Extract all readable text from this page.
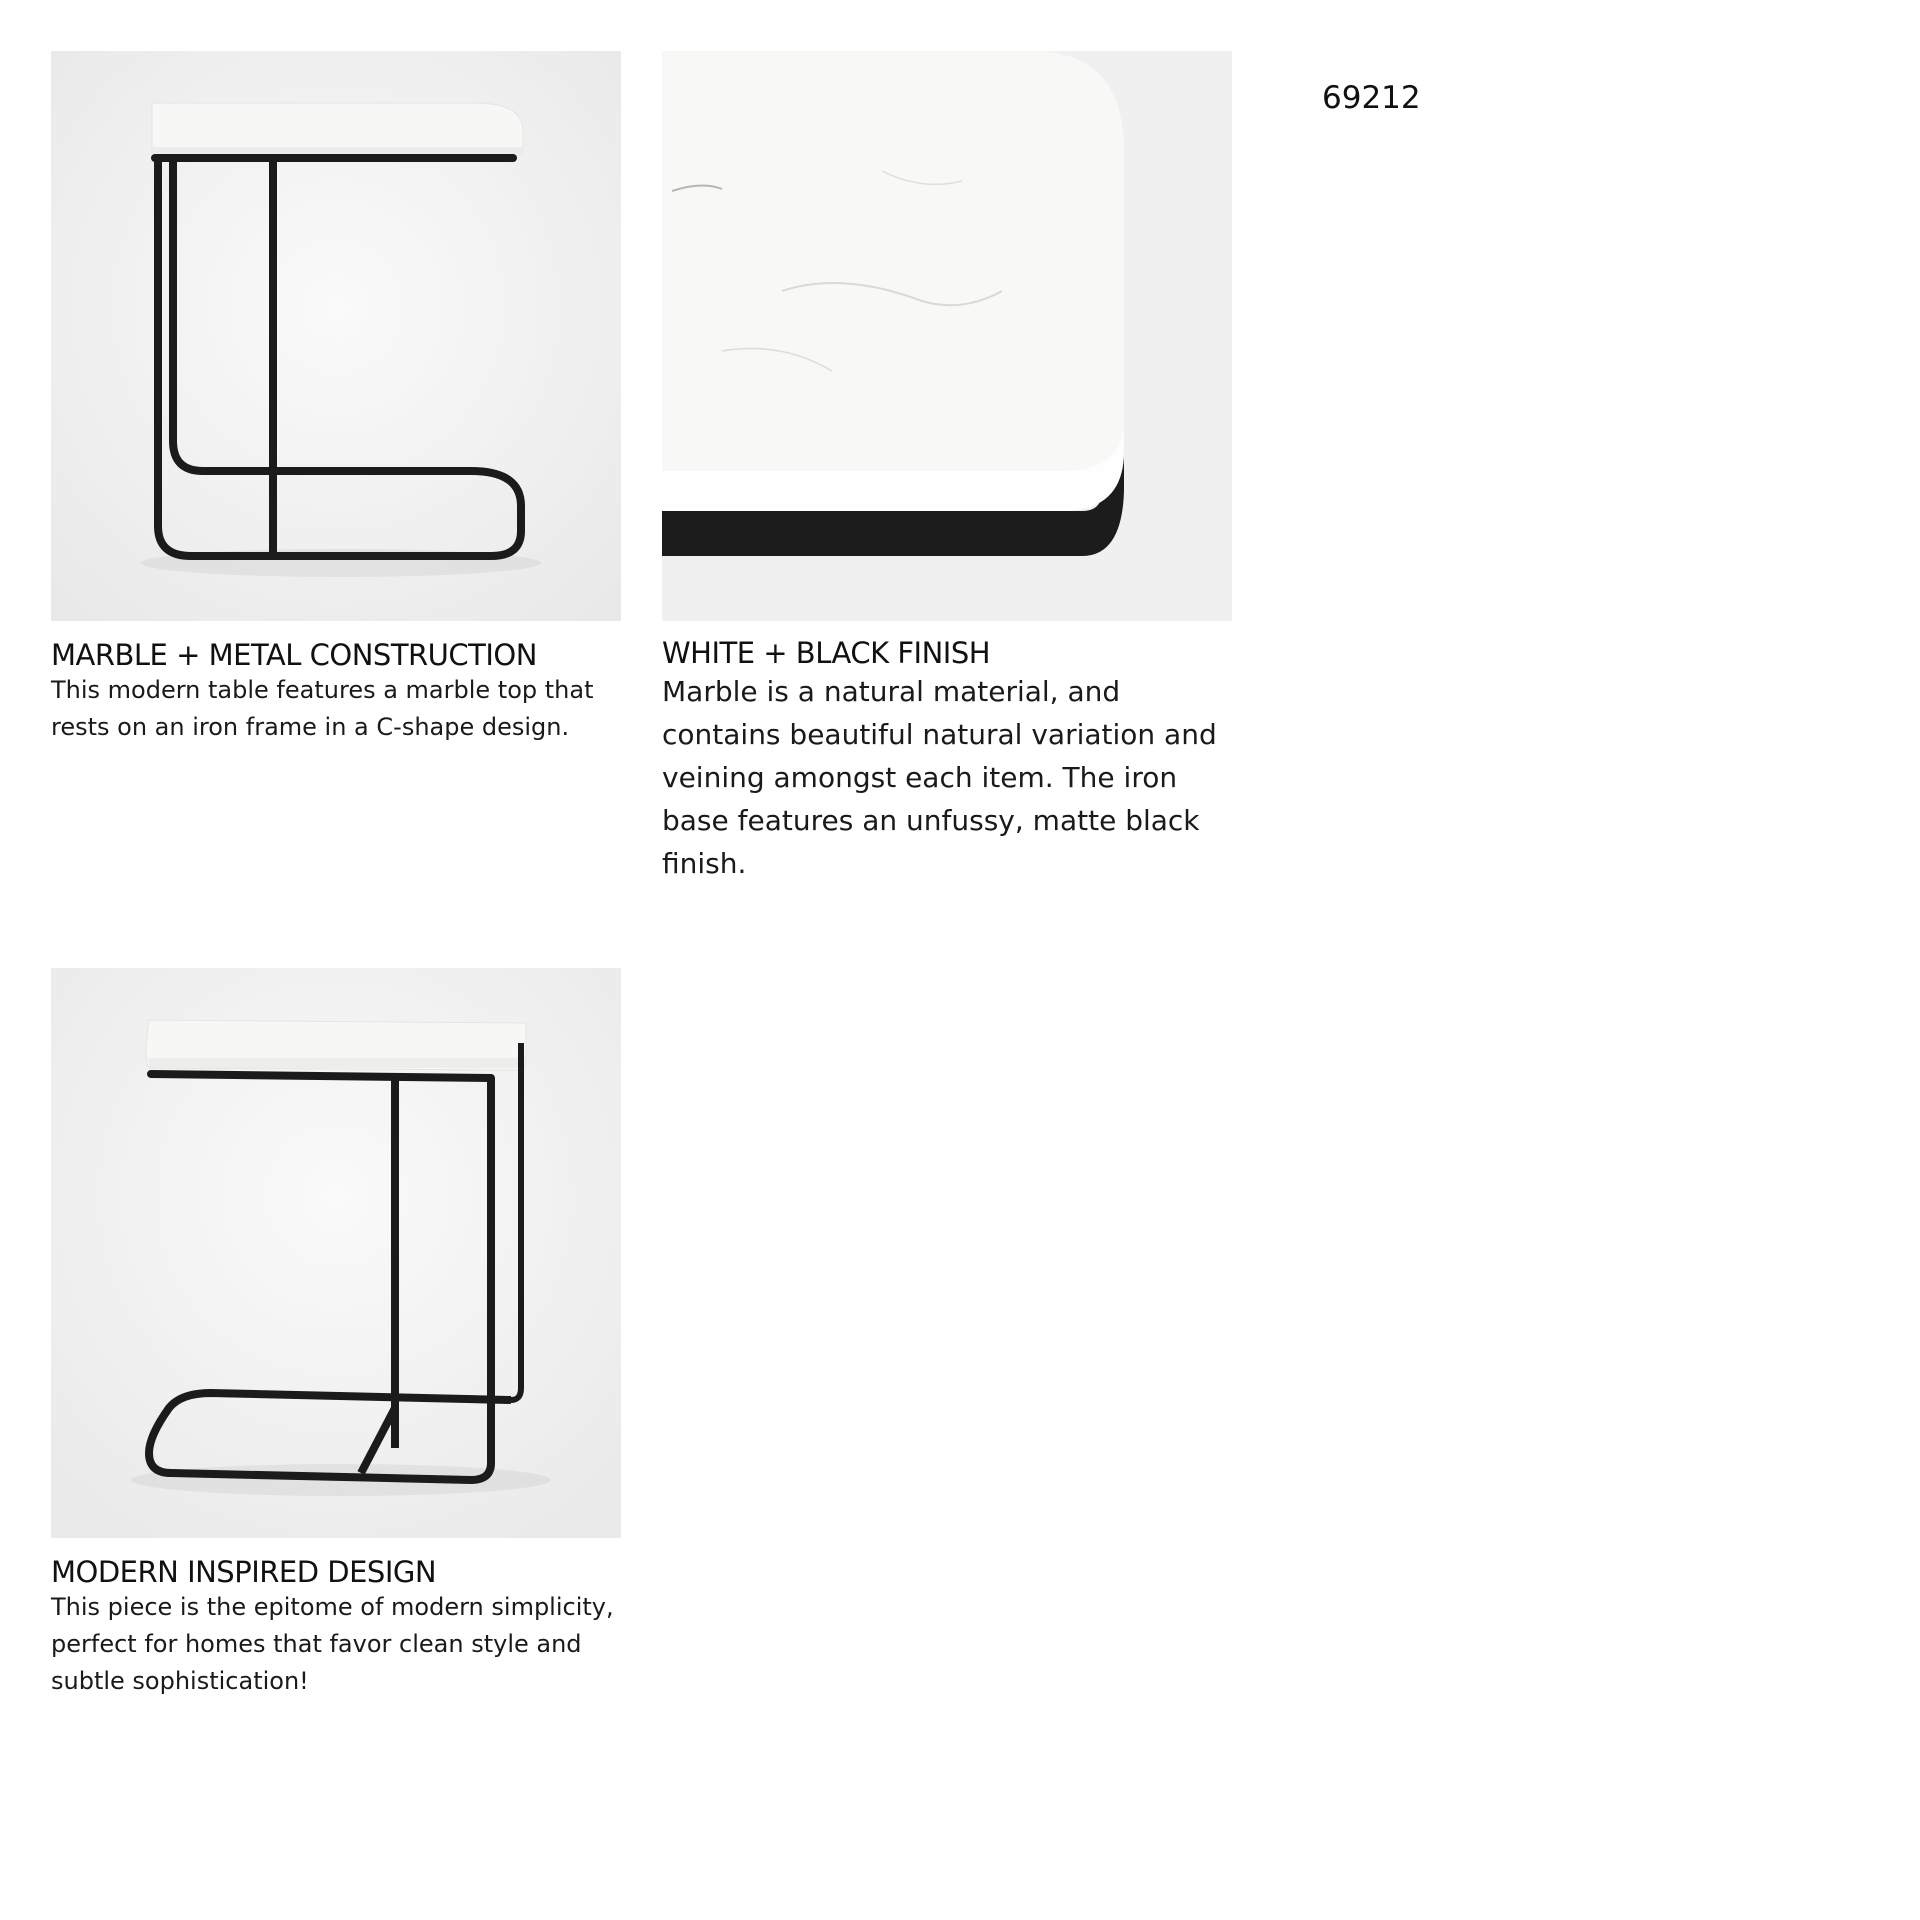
69212
MARBLE + METAL CONSTRUCTION

This modern table features a marble top that rests on an iron frame in a C-shape design.

WHITE + BLACK FINISH

Marble is a natural material, and contains beautiful natural variation and veining amongst each item. The iron base features an unfussy, matte black finish.

MODERN INSPIRED DESIGN

This piece is the epitome of modern simplicity, perfect for homes that favor clean style and subtle sophistication!
